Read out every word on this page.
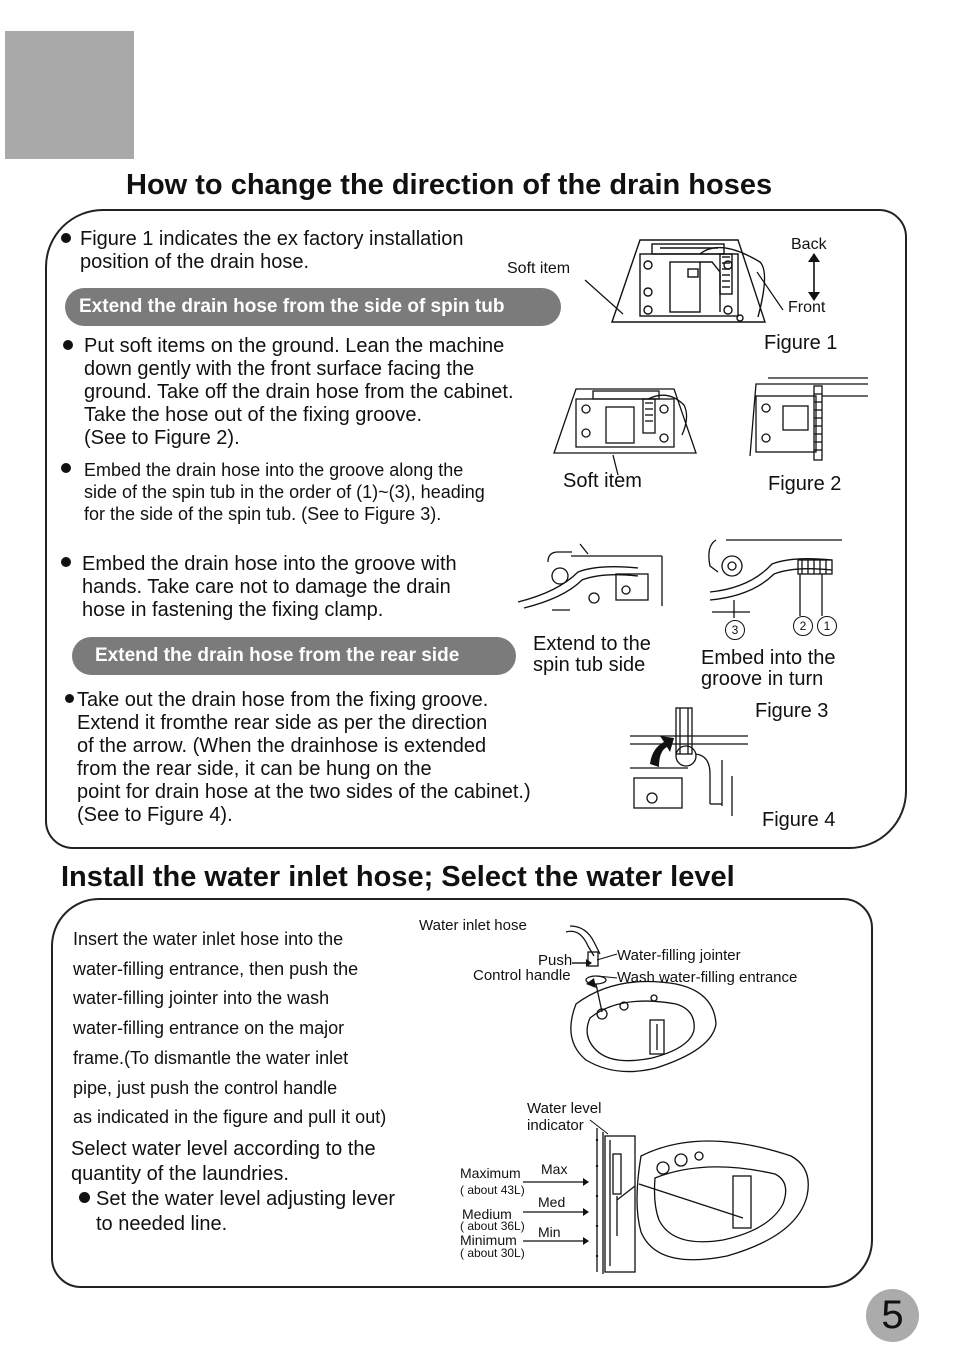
How to change the direction of the drain hoses
Figure 1 indicates the ex factory installation
position of the drain hose.
Extend the drain hose from the side of spin tub
Put soft items on the ground. Lean the machine
down gently with the front surface facing the
ground. Take off the drain hose from the cabinet.
Take the hose out of the fixing groove.
(See to Figure 2).
Embed the drain hose into the groove along the
side of the spin tub in the order of (1)~(3), heading
for the side of the spin tub. (See to Figure 3).
Embed the drain hose into the groove with
hands. Take care not to damage the drain
hose in fastening the fixing clamp.
Extend the drain hose from the rear side
Take out the drain hose from the fixing groove.
Extend it fromthe rear side as per the direction
of the arrow. (When the drainhose is extended
from the rear side, it can be hung on the
point for drain hose at the two sides of the cabinet.)
(See to Figure 4).
Soft item
Back
Front
Figure 1
Soft item	Figure 2
3	2	1
Extend to the
spin tub side	Embed into the
groove in turn
Figure 3
Figure 4
Install the water inlet hose; Select the water level
Insert the water inlet hose into the
water-filling entrance, then push the
water-filling jointer into the wash
water-filling entrance on the major
frame.(To dismantle the water inlet
pipe, just push the control handle
as indicated in the figure and pull it out)
Select water level according to the
quantity of the laundries.
Set the water level adjusting lever
to needed line.
Water inlet hose
Push
Control handle
Water-filling jointer
Wash water-filling entrance
Water level
indicator
Maximum
( about 43L)
Medium
( about 36L)
Minimum
( about 30L)
Max
Med
Min
5
